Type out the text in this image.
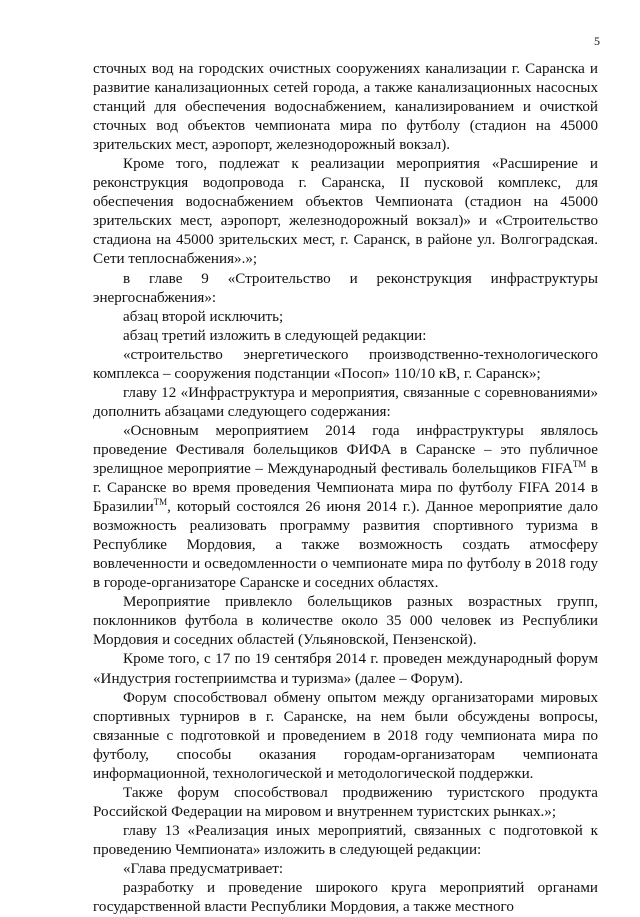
5

сточных вод на городских очистных сооружениях канализации г. Саранска и развитие канализационных сетей города, а также канализационных насосных станций для обеспечения водоснабжением, канализированием и очисткой сточных вод объектов чемпионата мира по футболу (стадион на 45000 зрительских мест, аэропорт, железнодорожный вокзал).

Кроме того, подлежат к реализации мероприятия «Расширение и реконструкция водопровода г. Саранска, II пусковой комплекс, для обеспечения водоснабжением объектов Чемпионата (стадион на 45000 зрительских мест, аэропорт, железнодорожный вокзал)» и «Строительство стадиона на 45000 зрительских мест, г. Саранск, в районе ул. Волгоградская. Сети теплоснабжения».»;

в главе 9 «Строительство и реконструкция инфраструктуры энергоснабжения»:

абзац второй исключить;

абзац третий изложить в следующей редакции:

«строительство энергетического производственно-технологического комплекса – сооружения подстанции «Посоп» 110/10 кВ, г. Саранск»;

главу 12 «Инфраструктура и мероприятия, связанные с соревнованиями» дополнить абзацами следующего содержания:

«Основным мероприятием 2014 года инфраструктуры являлось проведение Фестиваля болельщиков ФИФА в Саранске – это публичное зрелищное мероприятие – Международный фестиваль болельщиков FIFA™ в г. Саранске во время проведения Чемпионата мира по футболу FIFA 2014 в Бразилии™, который состоялся 26 июня 2014 г.). Данное мероприятие дало возможность реализовать программу развития спортивного туризма в Республике Мордовия, а также возможность создать атмосферу вовлеченности и осведомленности о чемпионате мира по футболу в 2018 году в городе-организаторе Саранске и соседних областях.

Мероприятие привлекло болельщиков разных возрастных групп, поклонников футбола в количестве около 35 000 человек из Республики Мордовия и соседних областей (Ульяновской, Пензенской).

Кроме того, с 17 по 19 сентября 2014 г. проведен международный форум «Индустрия гостеприимства и туризма» (далее – Форум).

Форум способствовал обмену опытом между организаторами мировых спортивных турниров в г. Саранске, на нем были обсуждены вопросы, связанные с подготовкой и проведением в 2018 году чемпионата мира по футболу, способы оказания городам-организаторам чемпионата информационной, технологической и методологической поддержки.

Также форум способствовал продвижению туристского продукта Российской Федерации на мировом и внутреннем туристских рынках.»;

главу 13 «Реализация иных мероприятий, связанных с подготовкой к проведению Чемпионата» изложить в следующей редакции:

«Глава предусматривает:

разработку и проведение широкого круга мероприятий органами государственной власти Республики Мордовия, а также местного
